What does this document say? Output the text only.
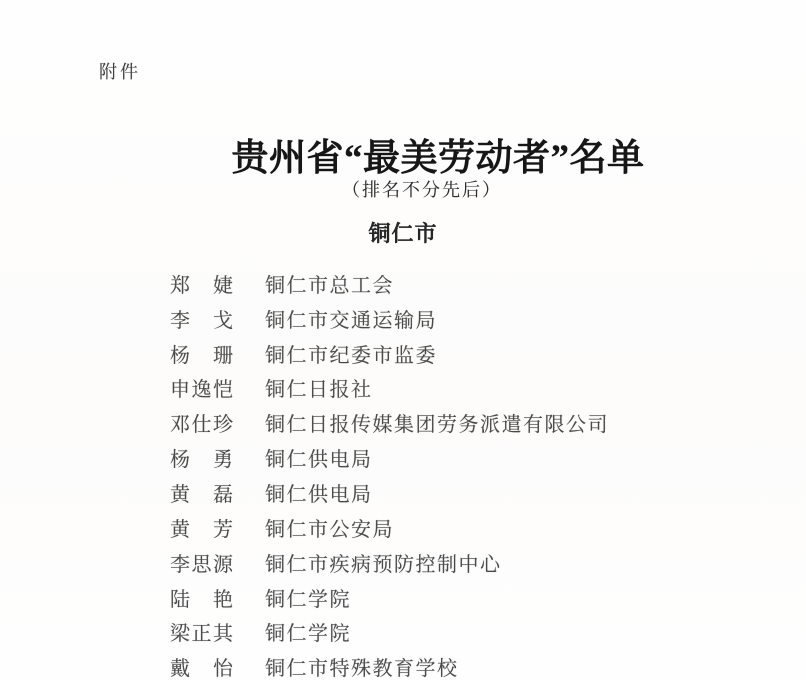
附件
贵州省“最美劳动者”名单
（排名不分先后）
铜仁市
郑　婕 铜仁市总工会
李　戈 铜仁市交通运输局
杨　珊 铜仁市纪委市监委
申逸恺 铜仁日报社
邓仕珍 铜仁日报传媒集团劳务派遣有限公司
杨　勇 铜仁供电局
黄　磊 铜仁供电局
黄　芳 铜仁市公安局
李思源 铜仁市疾病预防控制中心
陆　艳 铜仁学院
梁正其 铜仁学院
戴　怡 铜仁市特殊教育学校
